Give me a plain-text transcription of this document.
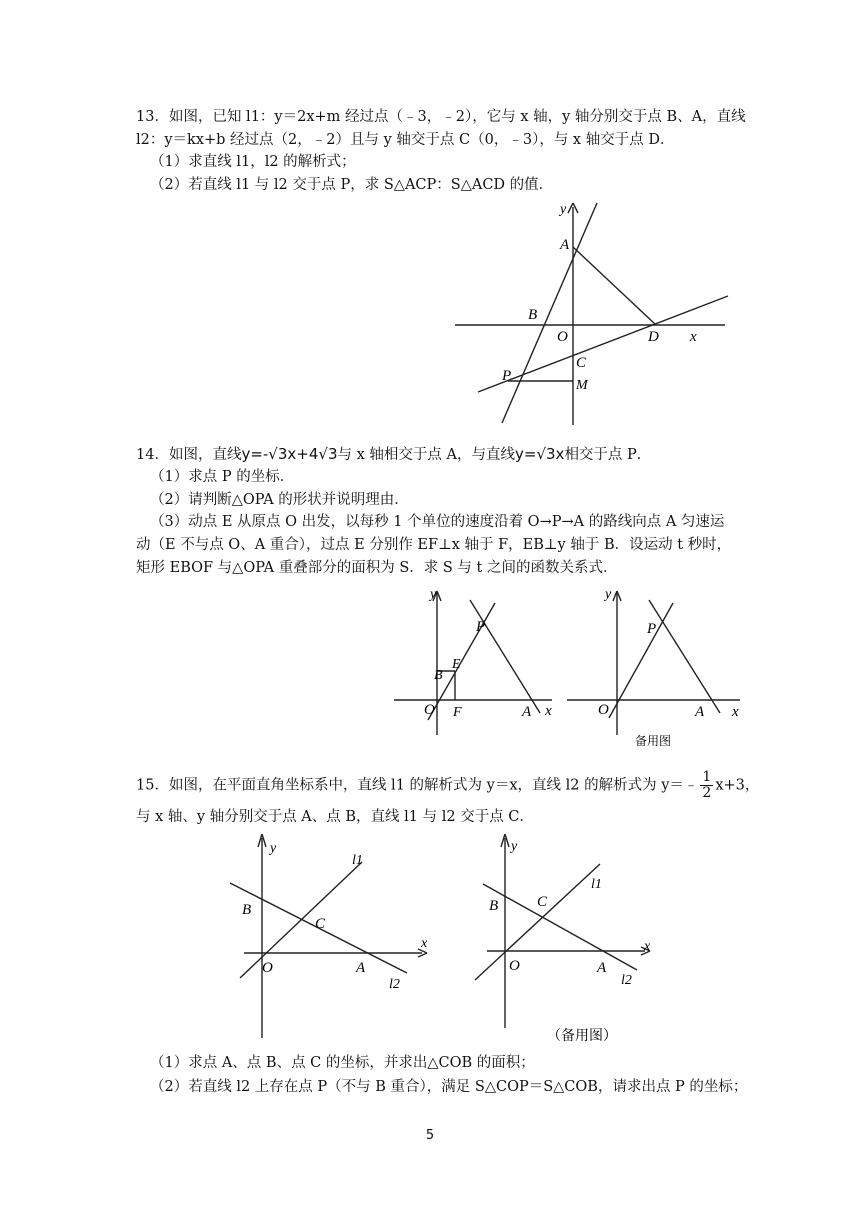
13．如图，已知 l1：y＝2x+m 经过点（﹣3，﹣2），它与 x 轴，y 轴分别交于点 B、A，直线
l2：y＝kx+b 经过点（2，﹣2）且与 y 轴交于点 C（0，﹣3），与 x 轴交于点 D．
（1）求直线 l1，l2 的解析式；
（2）若直线 l1 与 l2 交于点 P，求 S△ACP：S△ACD 的值．
y
x
A
B
O	D
C
P
M
14．如图，直线y=-√3x+4√3与 x 轴相交于点 A，与直线y=√3x相交于点 P．
（1）求点 P 的坐标．
（2）请判断△OPA 的形状并说明理由．
（3）动点 E 从原点 O 出发，以每秒 1 个单位的速度沿着 O→P→A 的路线向点 A 匀速运
动（E 不与点 O、A 重合），过点 E 分别作 EF⊥x 轴于 F，EB⊥y 轴于 B．设运动 t 秒时，
矩形 EBOF 与△OPA 重叠部分的面积为 S．求 S 与 t 之间的函数关系式．
y
x
P
E
B
O F	A
y
x
P
O	A
备用图
15．如图，在平面直角坐标系中，直线 l1 的解析式为 y＝x，直线 l2 的解析式为 y＝﹣ $\frac{1}{2} x+3$，
与 x 轴、y 轴分别交于点 A、点 B，直线 l1 与 l2 交于点 C．
y
x
l1
l2
B
C
O	A
y
x
l1
l2
B	C
O	A
（备用图）
（1）求点 A、点 B、点 C 的坐标，并求出△COB 的面积；
（2）若直线 l2 上存在点 P（不与 B 重合），满足 S△COP＝S△COB，请求出点 P 的坐标；
5
